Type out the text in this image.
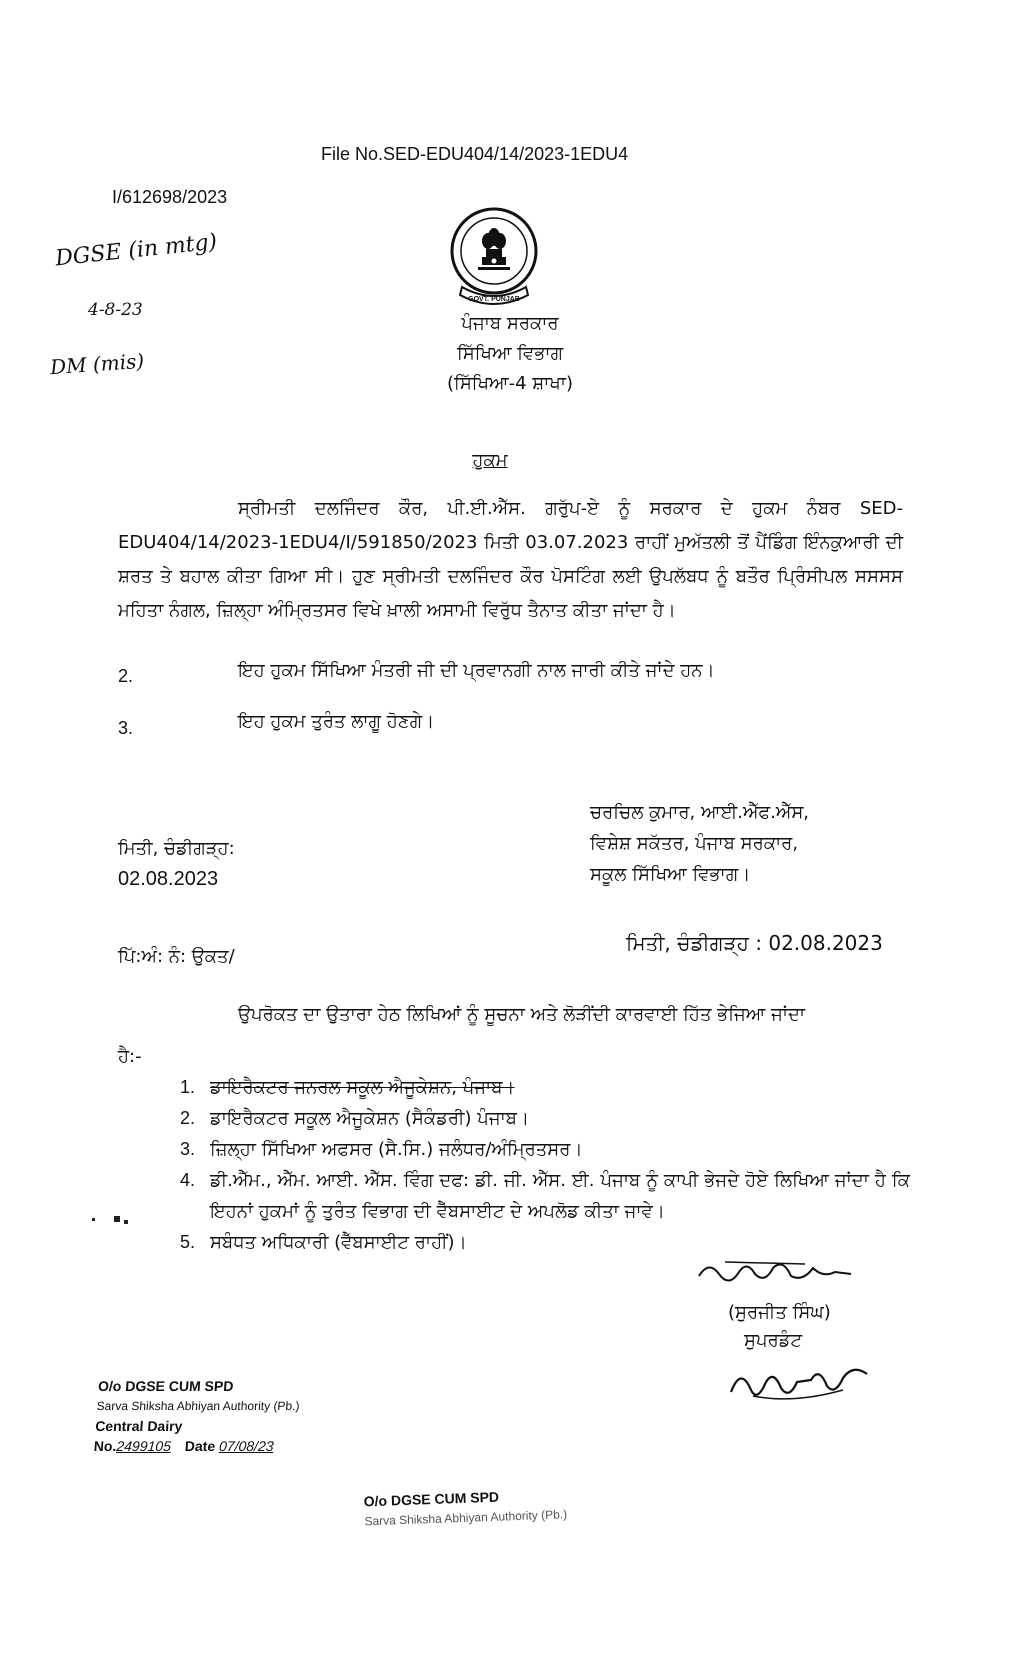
File No.SED-EDU404/14/2023-1EDU4
I/612698/2023
DGSE (in mtg)
4-8-23
DM (mis)
GOVT. PUNJAB
ਪੰਜਾਬ ਸਰਕਾਰ
ਸਿੱਖਿਆ ਵਿਭਾਗ
(ਸਿੱਖਿਆ-4 ਸ਼ਾਖਾ)
ਹੁਕਮ
ਸ੍ਰੀਮਤੀ ਦਲਜਿੰਦਰ ਕੌਰ, ਪੀ.ਈ.ਐੱਸ. ਗਰੁੱਪ-ਏ ਨੂੰ ਸਰਕਾਰ ਦੇ ਹੁਕਮ ਨੰਬਰ SED-EDU404/14/2023-1EDU4/I/591850/2023 ਮਿਤੀ 03.07.2023 ਰਾਹੀਂ ਮੁਅੱਤਲੀ ਤੋਂ ਪੈਂਡਿੰਗ ਇੰਨਕੁਆਰੀ ਦੀ ਸ਼ਰਤ ਤੇ ਬਹਾਲ ਕੀਤਾ ਗਿਆ ਸੀ। ਹੁਣ ਸ੍ਰੀਮਤੀ ਦਲਜਿੰਦਰ ਕੌਰ ਪੋਸਟਿੰਗ ਲਈ ਉਪਲੱਬਧ ਨੂੰ ਬਤੌਰ ਪ੍ਰਿੰਸੀਪਲ ਸਸਸਸ ਮਹਿਤਾ ਨੰਗਲ, ਜ਼ਿਲ੍ਹਾ ਅੰਮ੍ਰਿਤਸਰ ਵਿਖੇ ਖ਼ਾਲੀ ਅਸਾਮੀ ਵਿਰੁੱਧ ਤੈਨਾਤ ਕੀਤਾ ਜਾਂਦਾ ਹੈ।
2.	ਇਹ ਹੁਕਮ ਸਿੱਖਿਆ ਮੰਤਰੀ ਜੀ ਦੀ ਪ੍ਰਵਾਨਗੀ ਨਾਲ ਜਾਰੀ ਕੀਤੇ ਜਾਂਦੇ ਹਨ।
3.	ਇਹ ਹੁਕਮ ਤੁਰੰਤ ਲਾਗੂ ਹੋਣਗੇ।
ਚਰਚਿਲ ਕੁਮਾਰ, ਆਈ.ਐੱਫ.ਐੱਸ,
ਵਿਸ਼ੇਸ਼ ਸਕੱਤਰ, ਪੰਜਾਬ ਸਰਕਾਰ,
ਸਕੂਲ ਸਿੱਖਿਆ ਵਿਭਾਗ।
ਮਿਤੀ, ਚੰਡੀਗੜ੍ਹ:
02.08.2023
ਪਿੱ:ਅੰ: ਨੰ: ਉਕਤ/
ਮਿਤੀ, ਚੰਡੀਗੜ੍ਹ : 02.08.2023
ਉਪਰੋਕਤ ਦਾ ਉਤਾਰਾ ਹੇਠ ਲਿਖਿਆਂ ਨੂੰ ਸੂਚਨਾ ਅਤੇ ਲੋੜੀਂਦੀ ਕਾਰਵਾਈ ਹਿੱਤ ਭੇਜਿਆ ਜਾਂਦਾ
ਹੈ:-
1. ਡਾਇਰੈਕਟਰ ਜਨਰਲ ਸਕੂਲ ਐਜੂਕੇਸ਼ਨ, ਪੰਜਾਬ।
2. ਡਾਇਰੈਕਟਰ ਸਕੂਲ ਐਜੂਕੇਸ਼ਨ (ਸੈਕੰਡਰੀ) ਪੰਜਾਬ।
3. ਜ਼ਿਲ੍ਹਾ ਸਿੱਖਿਆ ਅਫਸਰ (ਸੈ.ਸਿ.) ਜਲੰਧਰ/ਅੰਮ੍ਰਿਤਸਰ।
4. ਡੀ.ਐੱਮ., ਐੱਮ. ਆਈ. ਐੱਸ. ਵਿੰਗ ਦਫ: ਡੀ. ਜੀ. ਐੱਸ. ਈ. ਪੰਜਾਬ ਨੂੰ ਕਾਪੀ ਭੇਜਦੇ ਹੋਏ ਲਿਖਿਆ ਜਾਂਦਾ ਹੈ ਕਿ ਇਹਨਾਂ ਹੁਕਮਾਂ ਨੂੰ ਤੁਰੰਤ ਵਿਭਾਗ ਦੀ ਵੈੱਬਸਾਈਟ ਦੇ ਅਪਲੋਡ ਕੀਤਾ ਜਾਵੇ।
5. ਸਬੰਧਤ ਅਧਿਕਾਰੀ (ਵੈੱਬਸਾਈਟ ਰਾਹੀਂ)।
(ਸੁਰਜੀਤ ਸਿੰਘ)
ਸੁਪਰਡੰਟ
O/o DGSE CUM SPD
Sarva Shiksha Abhiyan Authority (Pb.)
Central Dairy
No.2499105 Date 07/08/23
O/o DGSE CUM SPD
Sarva Shiksha Abhiyan Authority (Pb.)
